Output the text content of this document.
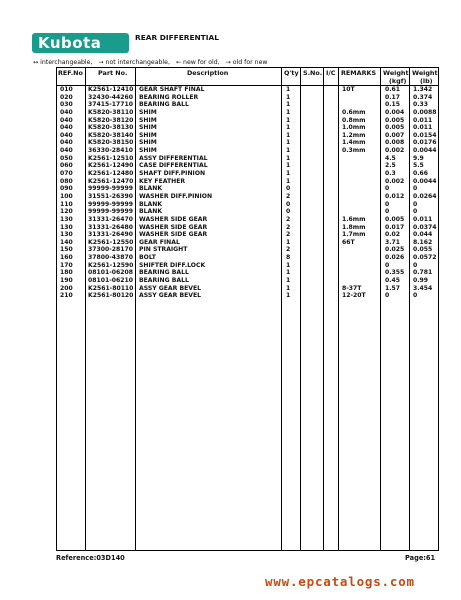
Kubota	REAR DIFFERENTIAL
↔ interchangeable, → not interchangeable, ← new for old, → old for new
REF.No Part No.	Description	Q'ty S.No. I/C REMARKS Weight
(kgf)
Weight
(lb)
010	K2561-12410 GEAR SHAFT FINAL	1	10T	0.61 1.342
020	32430-44260 BEARING ROLLER	1	0.17 0.374
030	37415-17710 BEARING BALL	1	0.15 0.33
040	K5820-38110 SHIM	1	0.6mm	0.004 0.0088
040	K5820-38120 SHIM	1	0.8mm	0.005 0.011
040	K5820-38130 SHIM	1	1.0mm	0.005 0.011
040	K5820-38140 SHIM	1	1.2mm	0.007 0.0154
040	K5820-38150 SHIM	1	1.4mm	0.008 0.0176
040	36330-28410 SHIM	1	0.3mm	0.002 0.0044
050	K2561-12510 ASSY DIFFERENTIAL	1	4.5	9.9
060	K2561-12490 CASE DIFFERENTIAL	1	2.5	5.5
070	K2561-12480 SHAFT DIFF.PINION	1	0.3	0.66
080	K2561-12470 KEY FEATHER	1	0.002 0.0044
090	99999-99999 BLANK	0	0	0
100	31551-26390 WASHER DIFF.PINION	2	0.012 0.0264
110	99999-99999 BLANK	0	0	0
120	99999-99999 BLANK	0	0	0
130	31331-26470 WASHER SIDE GEAR	2	1.6mm	0.005 0.011
130	31331-26480 WASHER SIDE GEAR	2	1.8mm	0.017 0.0374
130	31331-26490 WASHER SIDE GEAR	2	1.7mm	0.02 0.044
140	K2561-12550 GEAR FINAL	1	66T	3.71 8.162
150	37300-28170 PIN STRAIGHT	2	0.025 0.055
160	37800-43870 BOLT	8	0.026 0.0572
170	K2561-12590 SHIFTER DIFF.LOCK	1	0	0
180	08101-06208 BEARING BALL	1	0.355 0.781
190	08101-06210 BEARING BALL	1	0.45 0.99
200	K2561-80110 ASSY GEAR BEVEL	1	8-37T	1.57 3.454
210	K2561-80120 ASSY GEAR BEVEL	1	12-20T	0	0
Reference:03D140	Page:61
www.epcatalogs.com
